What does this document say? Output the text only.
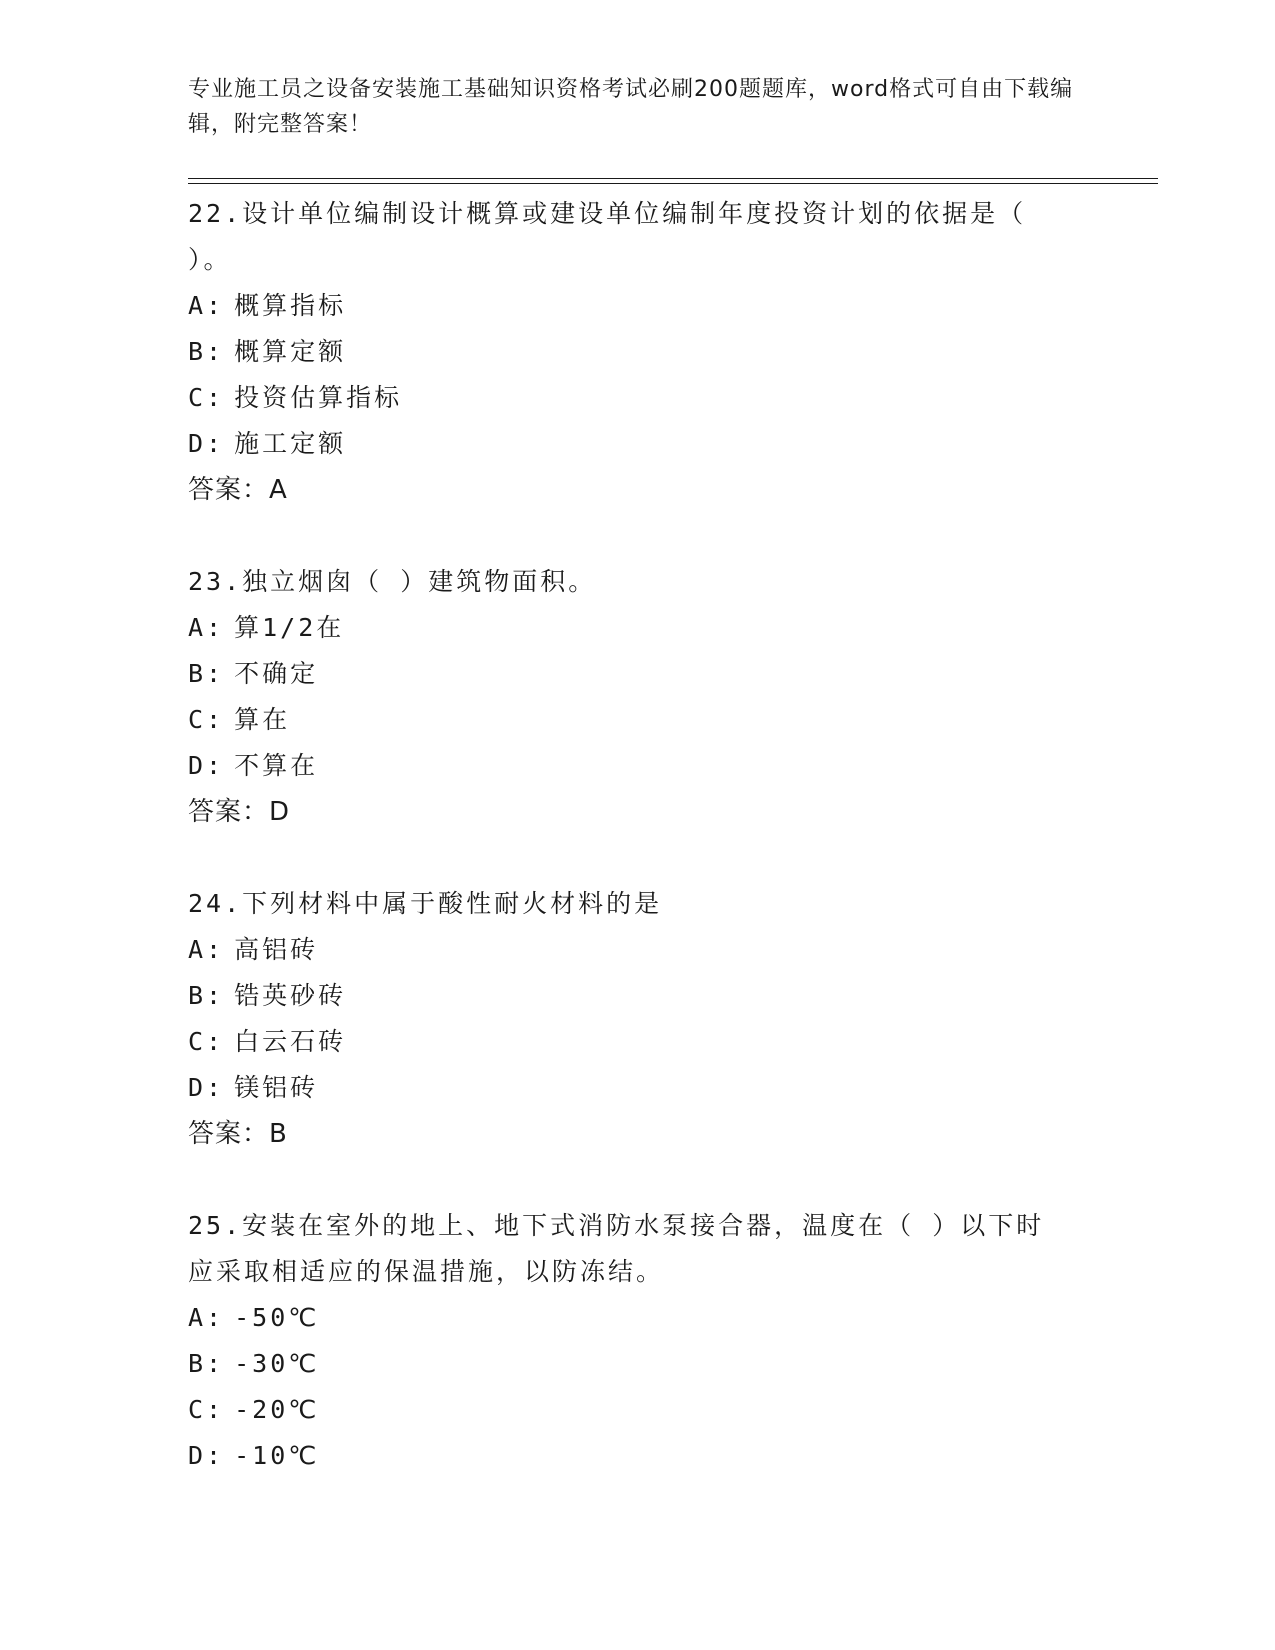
专业施工员之设备安装施工基础知识资格考试必刷200题题库，word格式可自由下载编辑，附完整答案！
22.设计单位编制设计概算或建设单位编制年度投资计划的依据是（ ）。
A: 概算指标
B: 概算定额
C: 投资估算指标
D: 施工定额
答案：A
23.独立烟囱（ ）建筑物面积。
A: 算1/2在
B: 不确定
C: 算在
D: 不算在
答案：D
24.下列材料中属于酸性耐火材料的是
A: 高铝砖
B: 锆英砂砖
C: 白云石砖
D: 镁铝砖
答案：B
25.安装在室外的地上、地下式消防水泵接合器，温度在（ ）以下时应采取相适应的保温措施，以防冻结。
A: -50℃
B: -30℃
C: -20℃
D: -10℃
